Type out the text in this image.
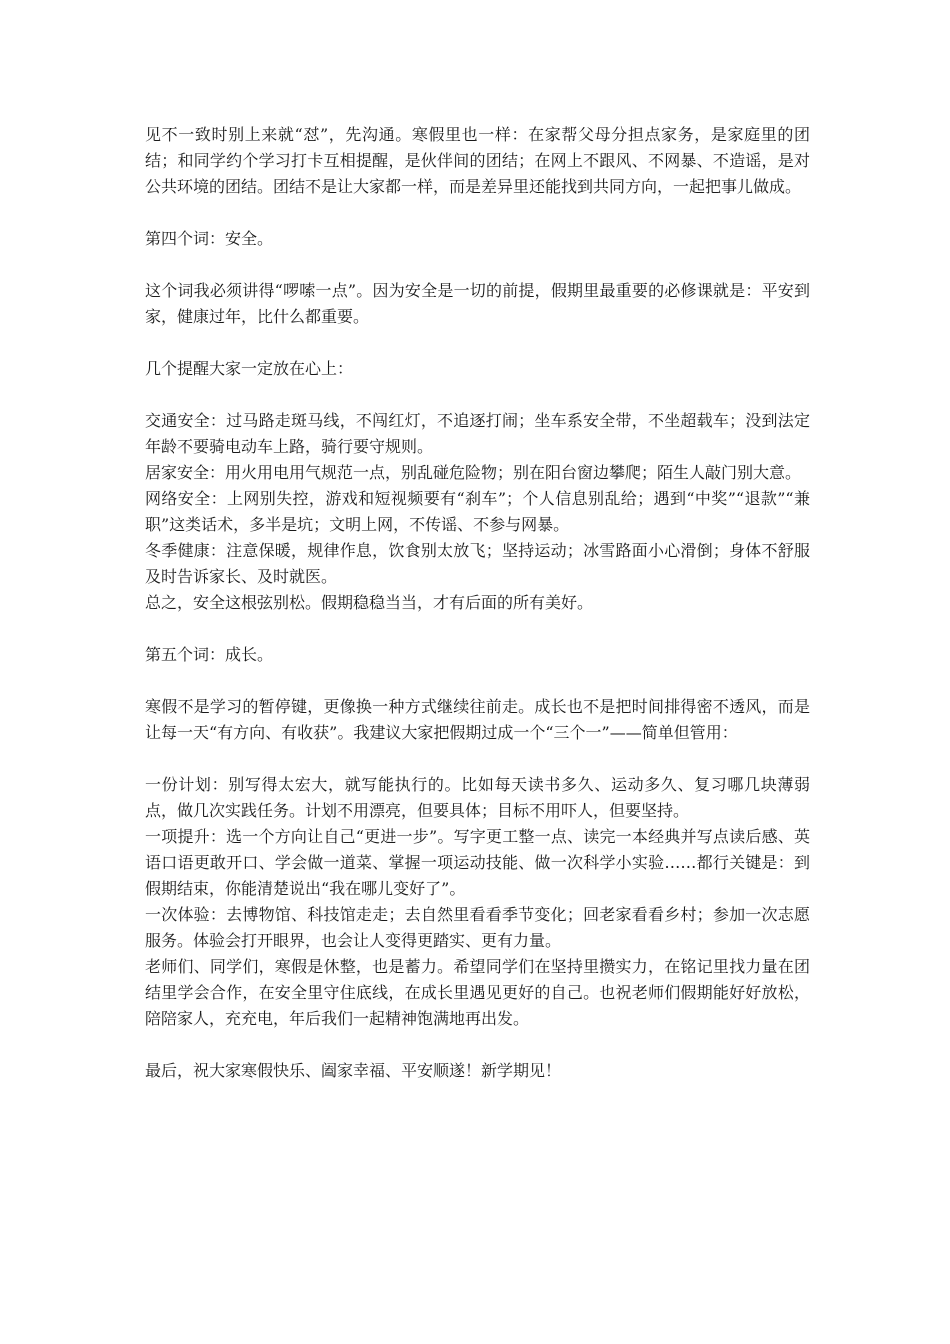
见不一致时别上来就“怼”，先沟通。寒假里也一样：在家帮父母分担点家务，是家庭里的团结；和同学约个学习打卡互相提醒，是伙伴间的团结；在网上不跟风、不网暴、不造谣，是对公共环境的团结。团结不是让大家都一样，而是差异里还能找到共同方向，一起把事儿做成。

第四个词：安全。

这个词我必须讲得“啰嗦一点”。因为安全是一切的前提，假期里最重要的必修课就是：平安到家，健康过年，比什么都重要。

几个提醒大家一定放在心上：

交通安全：过马路走斑马线，不闯红灯，不追逐打闹；坐车系安全带，不坐超载车；没到法定年龄不要骑电动车上路，骑行要守规则。

居家安全：用火用电用气规范一点，别乱碰危险物；别在阳台窗边攀爬；陌生人敲门别大意。

网络安全：上网别失控，游戏和短视频要有“刹车”；个人信息别乱给；遇到“中奖”“退款”“兼职”这类话术，多半是坑；文明上网，不传谣、不参与网暴。

冬季健康：注意保暖，规律作息，饮食别太放飞；坚持运动；冰雪路面小心滑倒；身体不舒服及时告诉家长、及时就医。

总之，安全这根弦别松。假期稳稳当当，才有后面的所有美好。

第五个词：成长。

寒假不是学习的暂停键，更像换一种方式继续往前走。成长也不是把时间排得密不透风，而是让每一天“有方向、有收获”。我建议大家把假期过成一个“三个一”——简单但管用：

一份计划：别写得太宏大，就写能执行的。比如每天读书多久、运动多久、复习哪几块薄弱点，做几次实践任务。计划不用漂亮，但要具体；目标不用吓人，但要坚持。

一项提升：选一个方向让自己“更进一步”。写字更工整一点、读完一本经典并写点读后感、英语口语更敢开口、学会做一道菜、掌握一项运动技能、做一次科学小实验……都行关键是：到假期结束，你能清楚说出“我在哪儿变好了”。

一次体验：去博物馆、科技馆走走；去自然里看看季节变化；回老家看看乡村；参加一次志愿服务。体验会打开眼界，也会让人变得更踏实、更有力量。

老师们、同学们，寒假是休整，也是蓄力。希望同学们在坚持里攒实力，在铭记里找力量在团结里学会合作，在安全里守住底线，在成长里遇见更好的自己。也祝老师们假期能好好放松，陪陪家人，充充电，年后我们一起精神饱满地再出发。

最后，祝大家寒假快乐、阖家幸福、平安顺遂！新学期见！
